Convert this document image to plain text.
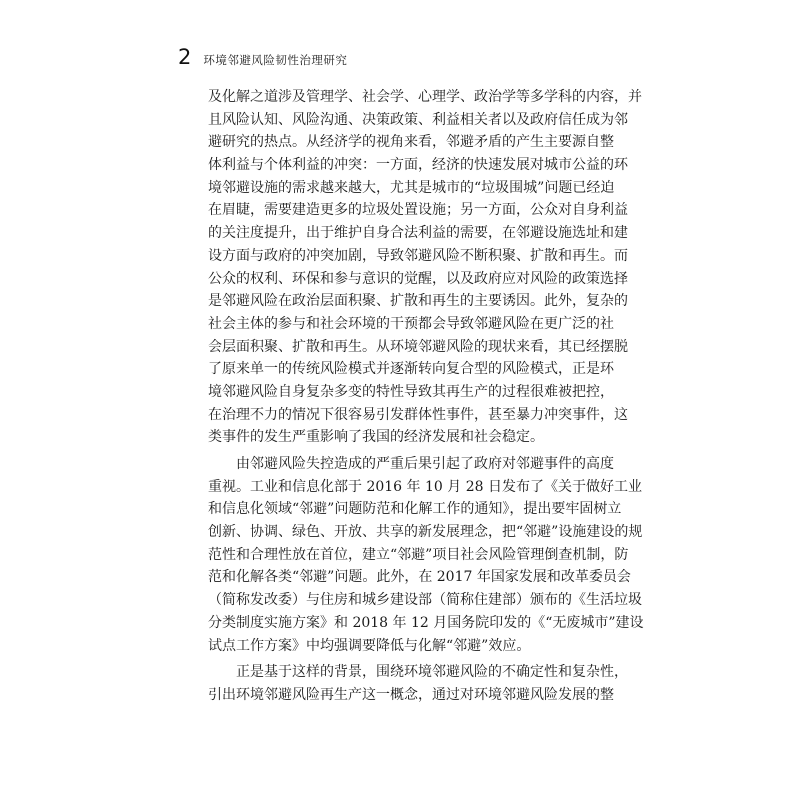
2 环境邻避风险韧性治理研究
及化解之道涉及管理学、社会学、心理学、政治学等多学科的内容，并
且风险认知、风险沟通、决策政策、利益相关者以及政府信任成为邻
避研究的热点。从经济学的视角来看，邻避矛盾的产生主要源自整
体利益与个体利益的冲突：一方面，经济的快速发展对城市公益的环
境邻避设施的需求越来越大，尤其是城市的“垃圾围城”问题已经迫
在眉睫，需要建造更多的垃圾处置设施；另一方面，公众对自身利益
的关注度提升，出于维护自身合法利益的需要，在邻避设施选址和建
设方面与政府的冲突加剧，导致邻避风险不断积聚、扩散和再生。而
公众的权利、环保和参与意识的觉醒，以及政府应对风险的政策选择
是邻避风险在政治层面积聚、扩散和再生的主要诱因。此外，复杂的
社会主体的参与和社会环境的干预都会导致邻避风险在更广泛的社
会层面积聚、扩散和再生。从环境邻避风险的现状来看，其已经摆脱
了原来单一的传统风险模式并逐渐转向复合型的风险模式，正是环
境邻避风险自身复杂多变的特性导致其再生产的过程很难被把控，
在治理不力的情况下很容易引发群体性事件，甚至暴力冲突事件，这
类事件的发生严重影响了我国的经济发展和社会稳定。
由邻避风险失控造成的严重后果引起了政府对邻避事件的高度
重视。工业和信息化部于 2016 年 10 月 28 日发布了《关于做好工业
和信息化领域“邻避”问题防范和化解工作的通知》，提出要牢固树立
创新、协调、绿色、开放、共享的新发展理念，把“邻避”设施建设的规
范性和合理性放在首位，建立“邻避”项目社会风险管理倒查机制，防
范和化解各类“邻避”问题。此外，在 2017 年国家发展和改革委员会
（简称发改委）与住房和城乡建设部（简称住建部）颁布的《生活垃圾
分类制度实施方案》和 2018 年 12 月国务院印发的《“无废城市”建设
试点工作方案》中均强调要降低与化解“邻避”效应。
正是基于这样的背景，围绕环境邻避风险的不确定性和复杂性，
引出环境邻避风险再生产这一概念，通过对环境邻避风险发展的整
